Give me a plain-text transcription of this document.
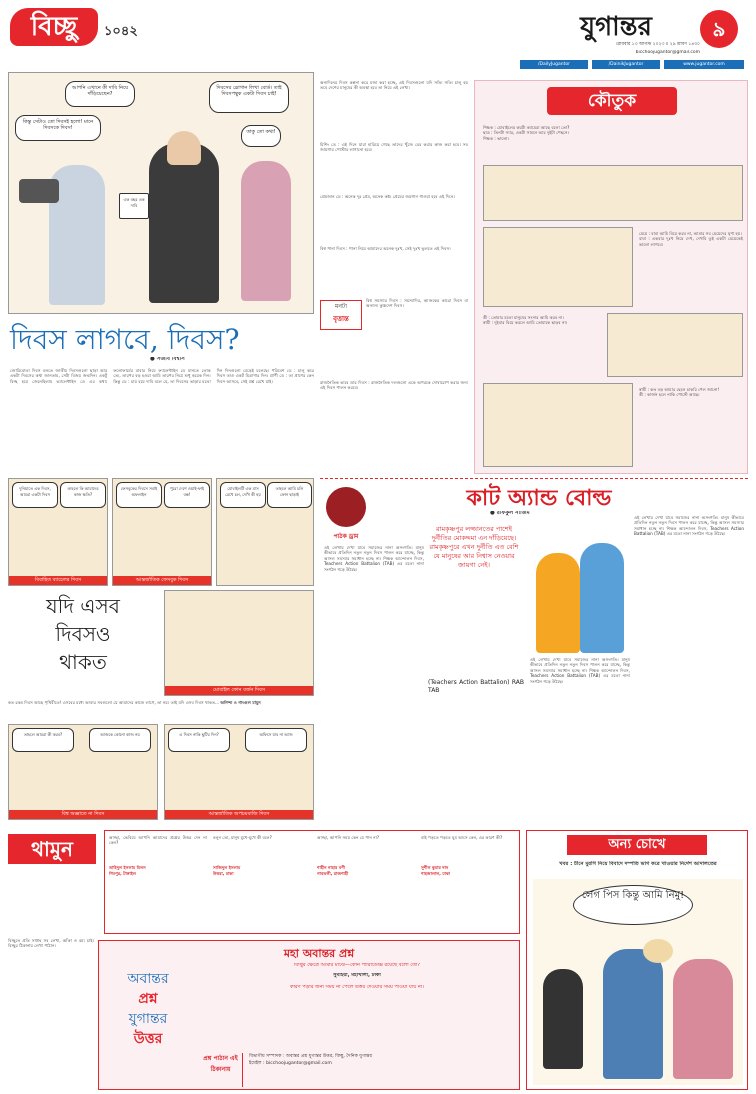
বিচ্ছু	১০৪২	যুগান্তর	৯
রোববার ১৩ আগস্ট ২০২৩ ॥ ২৯ শ্রাবণ ১৪৩০
bicchoojugantor@gmail.com
/DailyJugantor	/DainikJugantor	www.jugantor.com
আপনি এখানে কী দাবি নিয়ে দাঁড়িয়েছেন?
দিবসের স্লোগান লিখা বোর্ড। তাই দিবসপন্থুক একটা দিবস চাই!
কিন্তু সেটাও তো দিবসই হলো! মানে দিবসকে দিবস!
তাকু তো কথা!
এক বছর এক দাবি
দিবস লাগবে, দিবস?
● সজীব বিশ্বাস
জোরিবোতা দিবস বলতে জাতীয় দিবসগুলো ছাড়া আর একটা দিবসের কথা জানতাম, সেটা বিজয় জন্মদিন। একটু বিচ্ছ হয়ে জেনেছিলাম ভ্যালেন্টাইন ডে এর কথা। ফলোফার্মের বাবার নিয়ে ফ্যালেন্টাইন ডে মানতে তোক ত্যে, তারপর বড় হওয়া আমি তারপর নিয়ে শুধু কয়েক দিন। কিন্তু ডে : চায় হয়ে দাবি বলে যে, তা দিবসের ভাড়ার মতো দিন দিনগুলো বেড়েই চলেছে। পরিবেশ ডে : চালু করে দিবস তাও একট মিত্রাণার দিন। প্রাণী ডে : তা প্রাণের কেন দিবস আসবে, সেই প্রশ্ন রেখে যাই।
অন্যদিনের দিবস কল্পনা করে মজা করা হচ্ছে, এই দিবসগুলো যদি সত্যি সত্যি চালু হয় তবে দেশের মানুষের কী অবস্থা হবে তা নিয়ে এই লেখা।
মিশিং ডে : এই দিনে যারা হারিয়ে গেছে তাদের খুঁজে বের করার কাজ করা হবে। সব জায়গায় পোস্টার লাগানো হবে।
প্রেমজান ডে : অনেক দূর প্রেম, অনেক কষ্ট। প্রেমের জয়গান গাওয়া হবে এই দিনে।
বিশ্ব পানা দিবস : পানা নিয়ে আমাদের অনেক দুঃখ, সেই দুঃখ ভুলতে এই দিবস।
মনটা
বৃত্তান্ত
বিশ্ব সমস্যার দিবস : সমস্যাদির, আজকের কারো দিবস বা অন্যান্য কুঞ্চদেশ দিবস।
রাজনৈতিক ভাবে ডার দিবস : রাজনৈতিক দলগুলো একে অপরকে দোষারোপ করার জন্য এই দিবস পালন করবে।
কৌতুক
শিক্ষক : মোবাইলের কয়টা ক্যামেরা আছে বলো তো?
ছাত্র : তিনটা স্যার, একটা সামনে আর দুইটা পেছনে।
শিক্ষক : ভালো।
মেয়ে : বাবা আমি বিয়ে করব না, আমার সব মেয়েদের ঘৃণা হয়।
বাবা : একবার দুঃখ নিয়ে দেখ, দেখবি তুই একটা মেয়েকেই ভালো লাগবে।
স্ত্রী : তোমার মতো মানুষের সংসার আমি করব না।
স্বামী : দুইবার বিয়ে করলে আমি তোমাকে ছাড়ব না।
স্বামী : কত বড় আমার ছেলে চাকরি পেল জানো!
স্ত্রী : কার্জন হলে নাকি পোস্টে আছে।
দুনিয়াতে এক দিবস, আমরা একটা দিবস
তাহলে কি আমাদের কাজ ক্ষতি?
বিবাহিত ব্যাচেলর দিবস
ফেসবুকের দিবসে সবাই অফলাইন
পুরো দেশে ওয়াই-ফাই বন্ধ!
আন্তর্জাতিক ফেসবুক দিবস
মোবাইলটি এক মাস রেখে চল, দেখি কী হয়
তাহলে আমি চলি ফোন ছাড়াই
যদি এসব
দিবসও
থাকত
মোবাইল ফোন বর্জন দিবস
কত রকম দিবস আছে পৃথিবীতে! এসবের মধ্যে আবার সবগুলো যে আমাদের কাজে লাগে, তা নয়। তাই যদি এসব দিবস থাকত... অনিন্দ্য ও গাংগুল মামুন
তাহলে আমরা কী করব?	আজকে কোনো কাজ নয়
বিশ্ব অজ্ঞাতে না দিবস
এ দিবস নাকি ছুটির দিন?	অফিসে যাব না আজ
আন্তর্জাতিক অপচয়বাজি দিবস
কাট অ্যান্ড বোল্ড
● রফিকুল নাজিম
পাঠক ড্রাম
এই লেখায় দেখা যাবে সমাজের নানা অসংগতি। মানুষ কীভাবে প্রতিদিন নতুন নতুন দিবস পালন করে যাচ্ছে, কিন্তু আসল সমস্যার সমাধান হচ্ছে না। শিক্ষক আন্দোলন দিবস, Teachers Action Battalion (TAB) এর মতো নানা সংগঠন গড়ে উঠছে।
(Teachers Action Battalion) RAB TAB
রামকৃষ্ণপুর লজ্জানতের পাশেই দুর্নীতির মোকদ্দমা এন দাঁড়িয়েছে। রামকৃষ্ণপুরে এখন দুর্নীতি এত বেশি যে মানুষের আর নিশ্বাস নেওয়ার জায়গা নেই।
এই লেখায় দেখা যাবে সমাজের নানা অসংগতি। মানুষ কীভাবে প্রতিদিন নতুন নতুন দিবস পালন করে যাচ্ছে, কিন্তু আসল সমস্যার সমাধান হচ্ছে না। শিক্ষক আন্দোলন দিবস, Teachers Action Battalion (TAB) এর মতো নানা সংগঠন গড়ে উঠছে।
এই লেখায় দেখা যাবে সমাজের নানা অসংগতি। মানুষ কীভাবে প্রতিদিন নতুন নতুন দিবস পালন করে যাচ্ছে, কিন্তু আসল সমস্যার সমাধান হচ্ছে না। শিক্ষক আন্দোলন দিবস, Teachers Action Battalion (TAB) এর মতো নানা সংগঠন গড়ে উঠছে।
থামুন	আচ্ছা, ভেবিয়ে আপনি আমাদের প্রশ্নের উত্তর দেন না কেন?
তাহিদুল ইসলাম মিলন
শিবপুর, টাঙ্গাইল
বলুন তো, মানুষ মুখে-মুখে কী বলে?
সাজিদুল ইসলাম
উত্তরা, ঢাকা
আচ্ছা, আপনি সময় কেন যে পান না?
শাহীন নাহার বণী
গাবতলী, রাজশাহী
বাই পড়তে পড়তে ঘুম আসে কেন, এর কারণ কী?
সুশীল কুমার দাস
শাহজালাল, ঢাকা
বিচ্ছুতে প্রতি সপ্তাহ সব লেখা, আঁকা ও রম্য চাই। বিচ্ছুর ঠিকানায় লেখা পাঠান।
মহা অবান্তর প্রশ্ন
অবান্তর
প্রশ্ন
যুগান্তর
উত্তর
বিচ্ছুর ক্ষেত্রে আমার মাঝে—কোন প্যারাডোক্স রয়েছে বলো তো?
সুমাইয়া, মহাখালী, ঢাকা
কারণ পড়ার জন্য সময় না পেলে উত্তর দেওয়ার সময় পাওয়া যায় না।
প্রশ্ন পাঠান এই ঠিকানায়
বিভাগীয় সম্পাদক : অবান্তর প্রশ্ন যুগান্তর উত্তর, বিচ্ছু, দৈনিক যুগান্তর
ইমেইল : bicchoojugantor@gmail.com
অন্য চোখে
খবর : চীনে মুরগি নিয়ে বিবাদে দম্পতি ভাগ করে খাওয়ার নির্দেশ আদালতের
লেগ পিস কিন্তু আমি নিমু!
